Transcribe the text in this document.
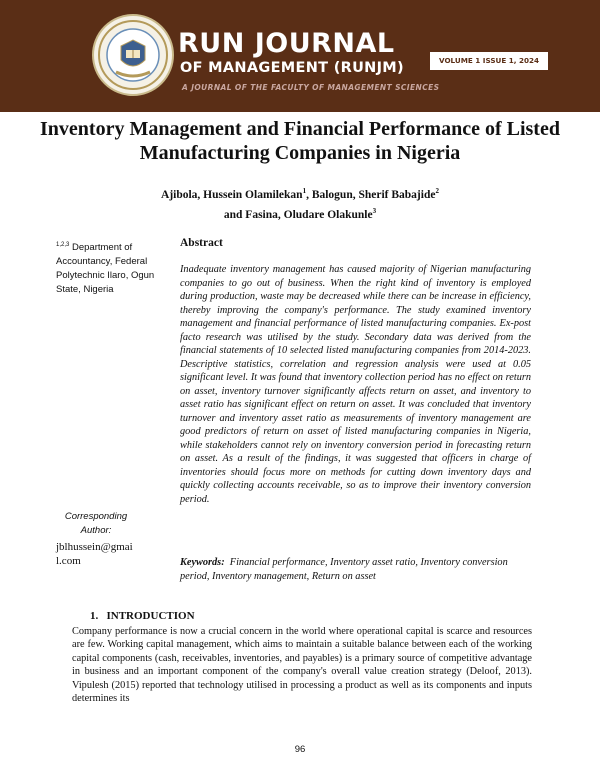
RUN JOURNAL
OF MANAGEMENT (RUNJM)
A JOURNAL OF THE FACULTY OF MANAGEMENT SCIENCES
VOLUME 1 ISSUE 1, 2024
Inventory Management and Financial Performance of Listed Manufacturing Companies in Nigeria
Ajibola, Hussein Olamilekan$^1$, Balogun, Sherif Babajide$^2$
and Fasina, Oludare Olakunle$^3$
$^{1,2,3}$ Department of Accountancy, Federal Polytechnic Ilaro, Ogun State, Nigeria
Corresponding Author:
jblhussein@gmail.com
Abstract
Inadequate inventory management has caused majority of Nigerian manufacturing companies to go out of business. When the right kind of inventory is employed during production, waste may be decreased while there can be increase in efficiency, thereby improving the company's performance. The study examined inventory management and financial performance of listed manufacturing companies. Ex-post facto research was utilised by the study. Secondary data was derived from the financial statements of 10 selected listed manufacturing companies from 2014-2023. Descriptive statistics, correlation and regression analysis were used at 0.05 significant level. It was found that inventory collection period has no effect on return on asset, inventory turnover significantly affects return on asset, and inventory to asset ratio has significant effect on return on asset. It was concluded that inventory turnover and inventory asset ratio as measurements of inventory management are good predictors of return on asset of listed manufacturing companies in Nigeria, while stakeholders cannot rely on inventory conversion period in forecasting return on asset. As a result of the findings, it was suggested that officers in charge of inventories should focus more on methods for cutting down inventory days and quickly collecting accounts receivable, so as to improve their inventory conversion period.
Keywords: Financial performance, Inventory asset ratio, Inventory conversion period, Inventory management, Return on asset
1.   INTRODUCTION
Company performance is now a crucial concern in the world where operational capital is scarce and resources are few. Working capital management, which aims to maintain a suitable balance between each of the working capital components (cash, receivables, inventories, and payables) is a primary source of competitive advantage in business and an important component of the company's overall value creation strategy (Deloof, 2013). Vipulesh (2015) reported that technology utilised in processing a product as well as its components and inputs determines its
96
